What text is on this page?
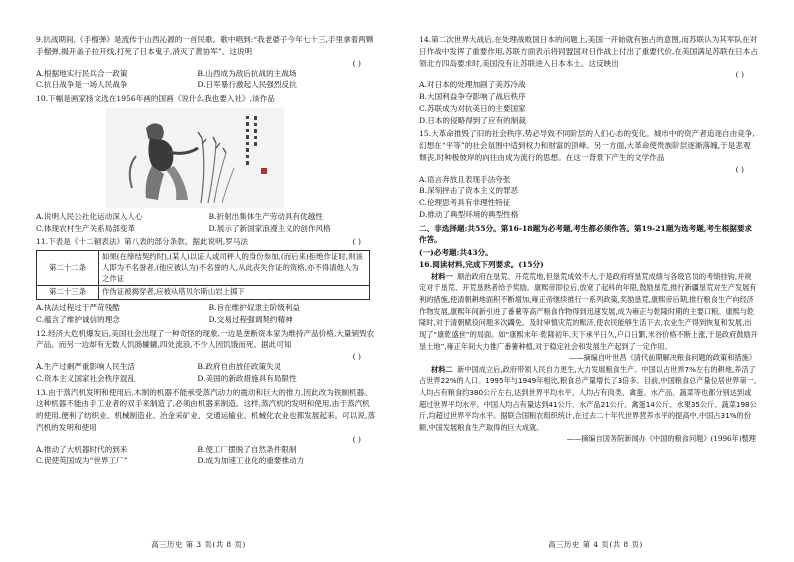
9.抗战期间,《手榴弹》是流传于山西沁源的一首民歌。歌中唱到:“我老婆子今年七十三,手里拿着两颗手榴弹,揭开盖子拉开线,打死了日本鬼子,消灭了黄协军”。这说明
( )
A.根据地实行民兵合一政策	B.山西成为敌后抗战的主战场
C.抗日战争是一场人民战争	D.日军暴行激起人民强烈反抗
10.下幅是画家扬文选在1956年画的国画《说什么我也要入社》,该作品
A.说明人民公社化运动深入人心	B.折射出集体生产劳动具有优越性
C.体现农村生产关系局部变革	D.展示了新国家浪漫主义的创作风格
11.下表是《十二铜表法》第八表的部分条款。据此说明,罗马法	( )
第二十二条	如果(在缔结契约时),(某人)以证人或司秤人的身份参加,(而后来)拒绝作证时,则该人即为不名誉者,(他应被认为)不名誉的人,从此丧失作证的资格,亦不得请他人为之作证
第二十三条	作伪证被揭穿者,应被从塔贝尔斯山岩上掷下
A.执法过程过于严苛残酷	B.旨在维护奴隶主阶级利益
C.蕴含了维护诚信的理念	D.交易过程强调契约精神
12.经济大危机爆发后,美国社会出现了一种奇怪的现象,一边是垄断资本家为维持产品价格,大量销毁农产品。而另一边却有无数人饥肠辘辘,四处流浪,不少人因饥饿而死。据此可知
( )
A.生产过剩严重影响人民生活	B.政府自由放任政策失灵
C.资本主义国家社会秩序混乱	D.美国的新政措施具有局限性
13.由于蒸汽机发明和使用后,木制的机器不能承受蒸汽动力的震动和巨大的推力,因此改为铁制机器。这种机器不能由手工业者的双手来制造了,必须由机器来制造。这样,蒸汽机的发明和使用,由于蒸汽机的使用,便利了纺织业、机械制造业、冶金采矿业、交通运输业、机械化农业也都发展起来。可以说,蒸汽机的发明和使用
( )
A.推动了大机器时代的到来	B.使工厂摆脱了自然条件限制
C.促使英国成为“世界工厂”	D.成为加速工业化的重要推动力
高三历史 第 3 页(共 8 页)
14.第二次世界大战后,在处理战败国日本的问题上,美国一开始就有独占的意图,而苏联认为其军队在对日作战中发挥了重要作用,苏联方面表示将同盟国对日作战上付出了重要代价,在美国满足苏联在日本占领北方四岛要求时,美国没有让苏联进入日本本土。这反映出
( )
A.对日本的处理加剧了美苏冷战
B.大国利益争夺影响了战后秩序
C.苏联成为对抗美日的主要国家
D.日本的侵略得到了应有的制裁
15.大革命推毁了旧的社会秩序,势必导致不同阶层的人们心态的变化。城市中的资产者追逐自由竞争,幻想在“平等”的社会氛围中适到权力和财富的顶峰。另一方面,大革命使贵族阶层逐渐落魄,于是悲观颓丧,时种极彼岸的向往由成为流行的思想。在这一背景下产生的文学作品
( )
A.语言奔放且表现手法夸张
B.深刻抨击了资本主义的罪恶
C.伦理思考具有非理性特征
D.推动了典型环境的典型性格
二、非选择题:共55分。第16-18题为必考题,考生都必须作答。第19-21题为选考题,考生根据要求作答。
(一)必考题:共43分。
16.阅读材料,完成下列要求。(15分)
材料一 顺治政府在垦荒、开荒荒地,但垦荒成效不大,于是政府将垦荒成绩与各级官员的考绩挂钩,并规定对于垦荒、开荒垦熟者给予奖励。康熙帝即位后,放宽了起科的年限,鼓励垦荒,推行新疆垦荒对生产发展有利的措施,使清朝耕地面积不断增加,雍正帝继续推行一系列政策,奖励垦荒,康熙帝后期,推行粮食生产向经济作物发展,康熙年间新引进了番薯等高产粮食作物得到迅速发展,成为雍正与乾隆时期的主要口粮。康熙与乾隆时,对于清朝赋役问题多次蠲免。及时审慎灾荒的赈济,使农民能够生活下去,农业生产得到恢复和发展,出现了“康乾盛世”的局面。如“康熙末年·乾隆初年,天下承平日久,户口日繁,米谷价格不断上涨,于是政府鼓励开垦土地”,雍正年间大力推广番薯种植,对于稳定社会和发展生产起到了一定作用。
——摘编自叶世昌《清代前期解决粮食问题的政策和措施》
材料二 新中国成立后,政府带领人民自力更生,大力发展粮食生产。中国以占世界7%左右的耕地,养活了占世界22%的人口。1995年与1949年相比,粮食总产量增长了3倍多。目前,中国粮食总产量位居世界第一,人均占有粮食约380公斤左右,达到世界平均水平。人均占有肉类、禽蛋、水产品、蔬菜等也都分别达到或超过世界平均水平。中国人均占有量达到41公斤、水产品21公斤、禽蛋14公斤、水果35公斤、蔬菜198公斤,均超过世界平均水平。据联合国粮农组织统计,在过去二十年代世界营养水平的提高中,中国占31%的份额,中国发展粮食生产取得的巨大成就。
——摘编自国务院新闻办《中国的粮食问题》(1996年)整理
高三历史 第 4 页(共 8 页)
